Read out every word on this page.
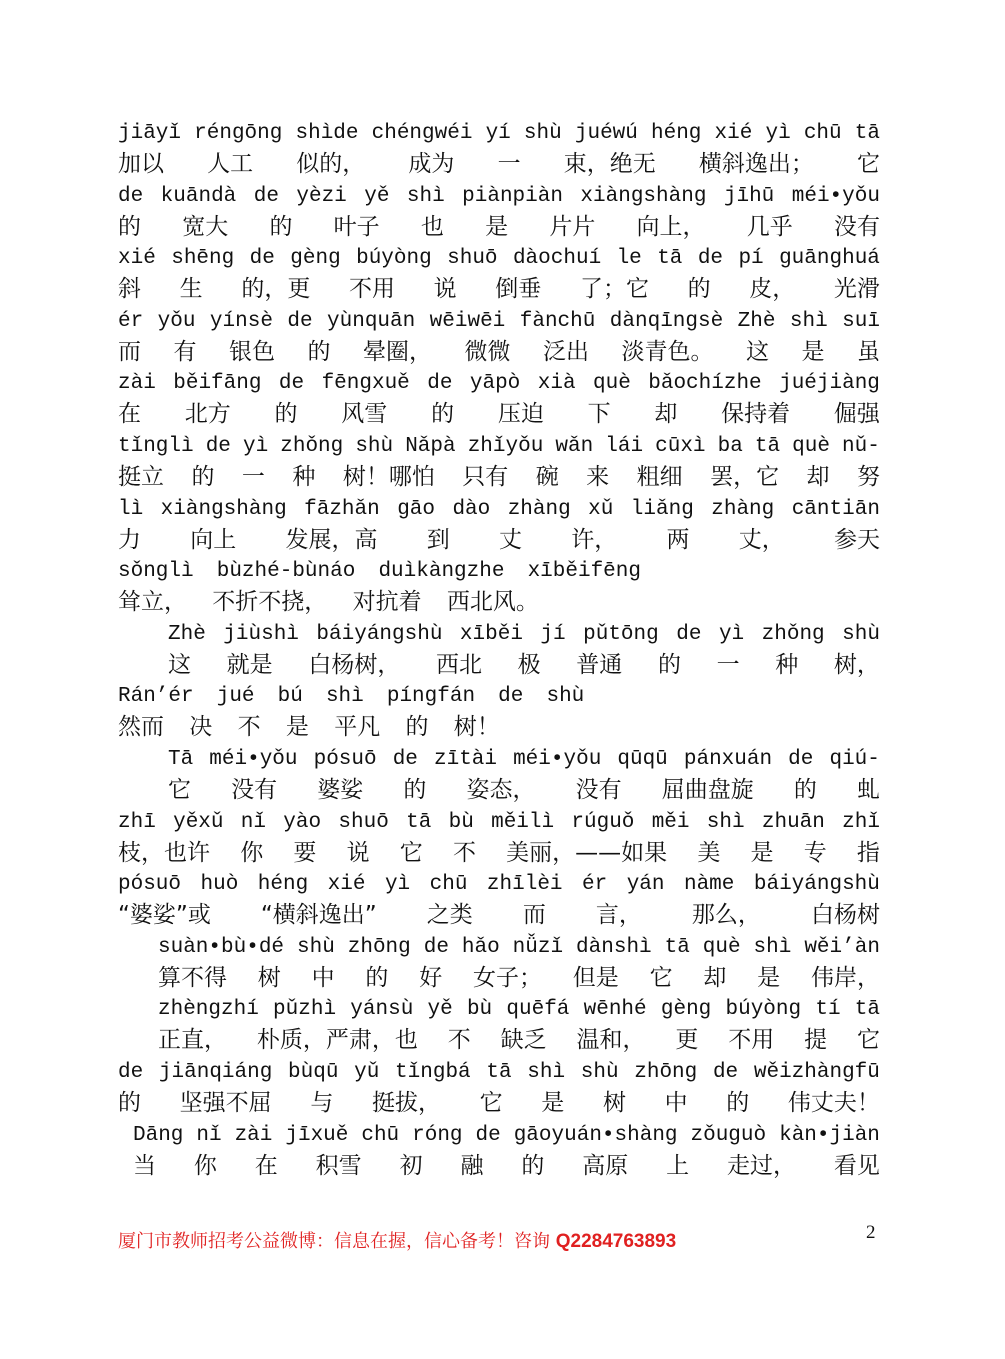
jiāyǐ réngōng shìde chéngwéi yí shù juéwú héng xié yì chū tā
加以 人工 似的， 成为 一 束，绝无 横斜逸出； 它
de kuāndà de yèzi yě shì piànpiàn xiàngshàng jīhū méi•yǒu
的 宽大 的 叶子 也 是 片片 向上， 几乎 没有
xié shēng de gèng búyòng shuō dàochuí le tā de pí guānghuá
斜 生 的，更 不用 说 倒垂 了；它 的 皮， 光滑
ér yǒu yínsè de yùnquān wēiwēi fànchū dànqīngsè Zhè shì suī
而 有 银色 的 晕圈， 微微 泛出 淡青色。 这 是 虽
zài běifāng de fēngxuě de yāpò xià què bǎochízhe juéjiàng
在 北方 的 风雪 的 压迫 下 却 保持着 倔强
tǐnglì de yì zhǒng shù Nǎpà zhǐyǒu wǎn lái cūxì ba tā què nǔ-
挺立 的 一 种 树！哪怕 只有 碗 来 粗细 罢，它 却 努
lì xiàngshàng fāzhǎn gāo dào zhàng xǔ liǎng zhàng cāntiān
力 向上 发展，高 到 丈 许， 两 丈， 参天
sǒnglì bùzhé-bùnáo duìkàngzhe xīběifēng
耸立， 不折不挠， 对抗着 西北风。
Zhè jiùshì báiyángshù xīběi jí pǔtōng de yì zhǒng shù
这 就是 白杨树， 西北 极 普通 的 一 种 树，
Rán’ér jué bú shì píngfán de shù
然而 决 不 是 平凡 的 树！
Tā méi•yǒu pósuō de zītài méi•yǒu qūqū pánxuán de qiú-
它 没有 婆娑 的 姿态， 没有 屈曲盘旋 的 虬
zhī yěxǔ nǐ yào shuō tā bù měilì rúguǒ měi shì zhuān zhǐ
枝，也许 你 要 说 它 不 美丽，——如果 美 是 专 指
pósuō huò héng xié yì chū zhīlèi ér yán nàme báiyángshù
“婆娑”或 “横斜逸出” 之类 而 言， 那么， 白杨树
suàn•bù•dé shù zhōng de hǎo nǚzǐ dànshì tā què shì wěi’àn
算不得 树 中 的 好 女子； 但是 它 却 是 伟岸，
zhèngzhí pǔzhì yánsù yě bù quēfá wēnhé gèng búyòng tí tā
正直， 朴质，严肃，也 不 缺乏 温和， 更 不用 提 它
de jiānqiáng bùqū yǔ tǐngbá tā shì shù zhōng de wěizhàngfū
的 坚强不屈 与 挺拔， 它 是 树 中 的 伟丈夫！
Dāng nǐ zài jīxuě chū róng de gāoyuán•shàng zǒuguò kàn•jiàn
当 你 在 积雪 初 融 的 高原 上 走过， 看见
厦门市教师招考公益微博：信息在握，信心备考！咨询 Q2284763893	2
